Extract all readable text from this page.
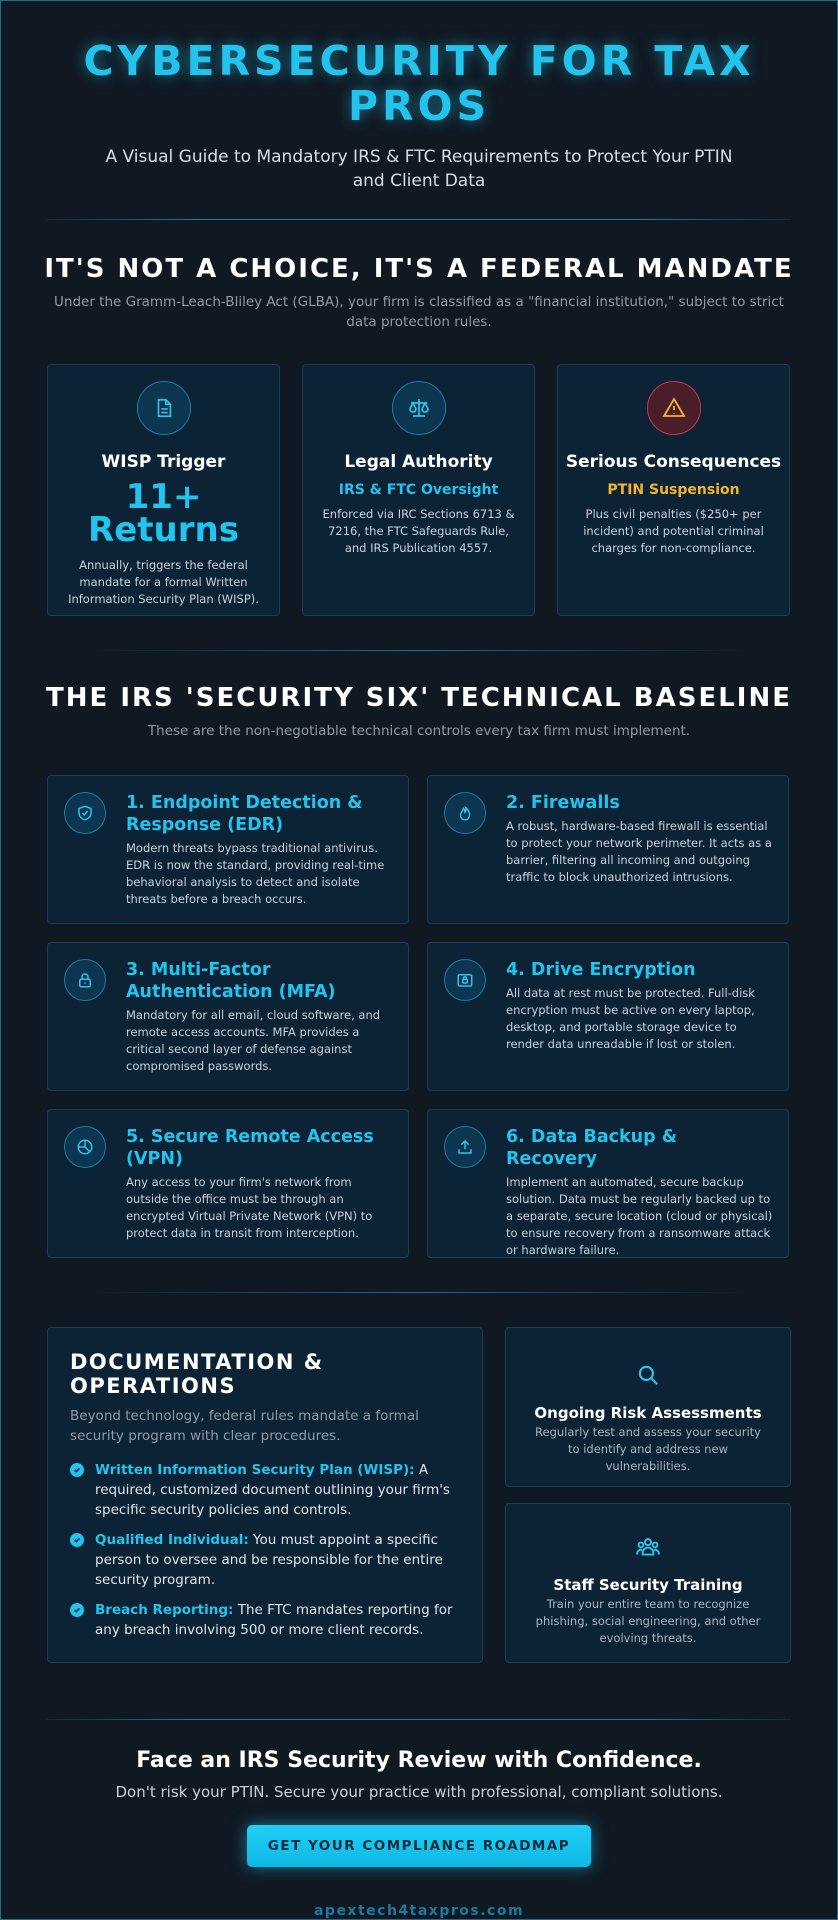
CYBERSECURITY FOR TAX PROS
A Visual Guide to Mandatory IRS & FTC Requirements to Protect Your PTIN and Client Data
IT'S NOT A CHOICE, IT'S A FEDERAL MANDATE
Under the Gramm-Leach-Bliley Act (GLBA), your firm is classified as a "financial institution," subject to strict data protection rules.
WISP Trigger
11+ Returns
Annually, triggers the federal mandate for a formal Written Information Security Plan (WISP).
Legal Authority
IRS & FTC Oversight
Enforced via IRC Sections 6713 & 7216, the FTC Safeguards Rule, and IRS Publication 4557.
Serious Consequences
PTIN Suspension
Plus civil penalties ($250+ per incident) and potential criminal charges for non-compliance.
THE IRS 'SECURITY SIX' TECHNICAL BASELINE
These are the non-negotiable technical controls every tax firm must implement.
1. Endpoint Detection & Response (EDR)
Modern threats bypass traditional antivirus. EDR is now the standard, providing real-time behavioral analysis to detect and isolate threats before a breach occurs.
2. Firewalls
A robust, hardware-based firewall is essential to protect your network perimeter. It acts as a barrier, filtering all incoming and outgoing traffic to block unauthorized intrusions.
3. Multi-Factor Authentication (MFA)
Mandatory for all email, cloud software, and remote access accounts. MFA provides a critical second layer of defense against compromised passwords.
4. Drive Encryption
All data at rest must be protected. Full-disk encryption must be active on every laptop, desktop, and portable storage device to render data unreadable if lost or stolen.
5. Secure Remote Access (VPN)
Any access to your firm's network from outside the office must be through an encrypted Virtual Private Network (VPN) to protect data in transit from interception.
6. Data Backup & Recovery
Implement an automated, secure backup solution. Data must be regularly backed up to a separate, secure location (cloud or physical) to ensure recovery from a ransomware attack or hardware failure.
DOCUMENTATION & OPERATIONS
Beyond technology, federal rules mandate a formal security program with clear procedures.
Written Information Security Plan (WISP): A required, customized document outlining your firm's specific security policies and controls.
Qualified Individual: You must appoint a specific person to oversee and be responsible for the entire security program.
Breach Reporting: The FTC mandates reporting for any breach involving 500 or more client records.
Ongoing Risk Assessments
Regularly test and assess your security to identify and address new vulnerabilities.
Staff Security Training
Train your entire team to recognize phishing, social engineering, and other evolving threats.
Face an IRS Security Review with Confidence.
Don't risk your PTIN. Secure your practice with professional, compliant solutions.
GET YOUR COMPLIANCE ROADMAP
apextech4taxpros.com
